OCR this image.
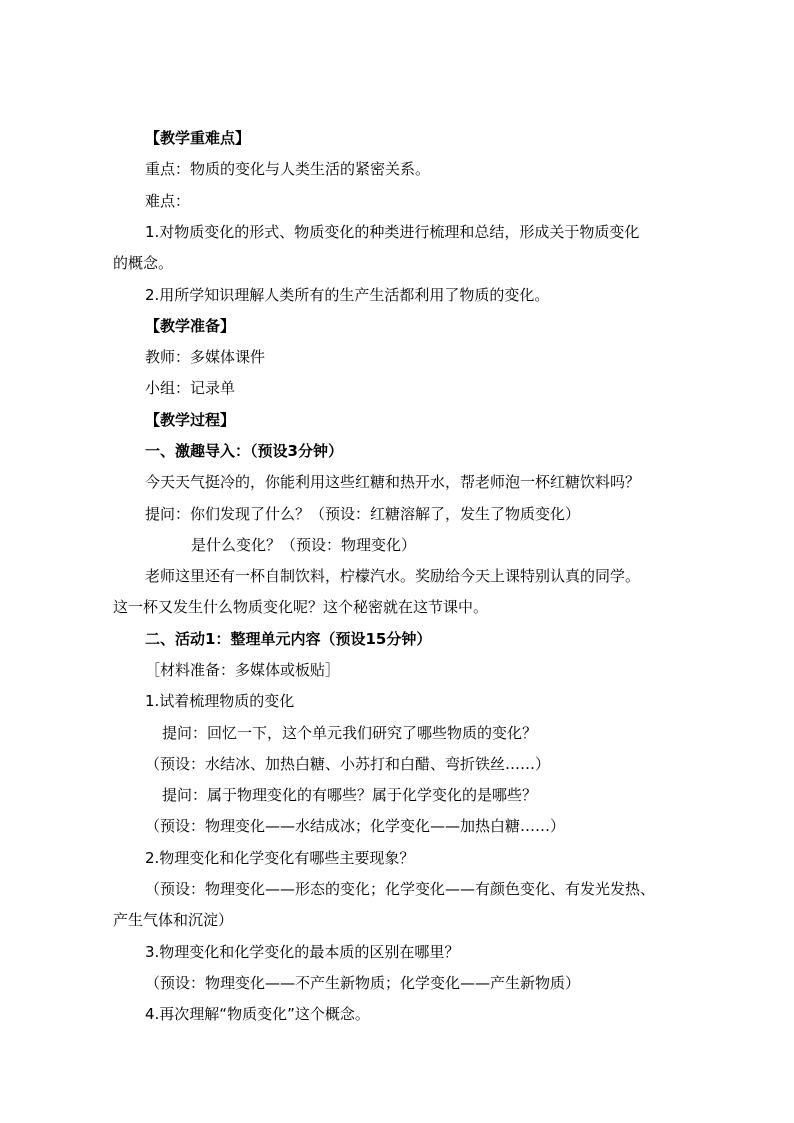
【教学重难点】

重点：物质的变化与人类生活的紧密关系。

难点：

1.对物质变化的形式、物质变化的种类进行梳理和总结，形成关于物质变化

的概念。

2.用所学知识理解人类所有的生产生活都利用了物质的变化。

【教学准备】

教师：多媒体课件

小组：记录单

【教学过程】

一、激趣导入：（预设3分钟）

今天天气挺冷的，你能利用这些红糖和热开水，帮老师泡一杯红糖饮料吗？

提问：你们发现了什么？（预设：红糖溶解了，发生了物质变化）

是什么变化？（预设：物理变化）

老师这里还有一杯自制饮料，柠檬汽水。奖励给今天上课特别认真的同学。

这一杯又发生什么物质变化呢？这个秘密就在这节课中。

二、活动1：整理单元内容（预设15分钟）

［材料准备：多媒体或板贴］

1.试着梳理物质的变化

提问：回忆一下，这个单元我们研究了哪些物质的变化？

（预设：水结冰、加热白糖、小苏打和白醋、弯折铁丝……）

提问：属于物理变化的有哪些？属于化学变化的是哪些？

（预设：物理变化——水结成冰；化学变化——加热白糖……）

2.物理变化和化学变化有哪些主要现象？

（预设：物理变化——形态的变化；化学变化——有颜色变化、有发光发热、

产生气体和沉淀）

3.物理变化和化学变化的最本质的区别在哪里？

（预设：物理变化——不产生新物质；化学变化——产生新物质）

4.再次理解“物质变化”这个概念。
